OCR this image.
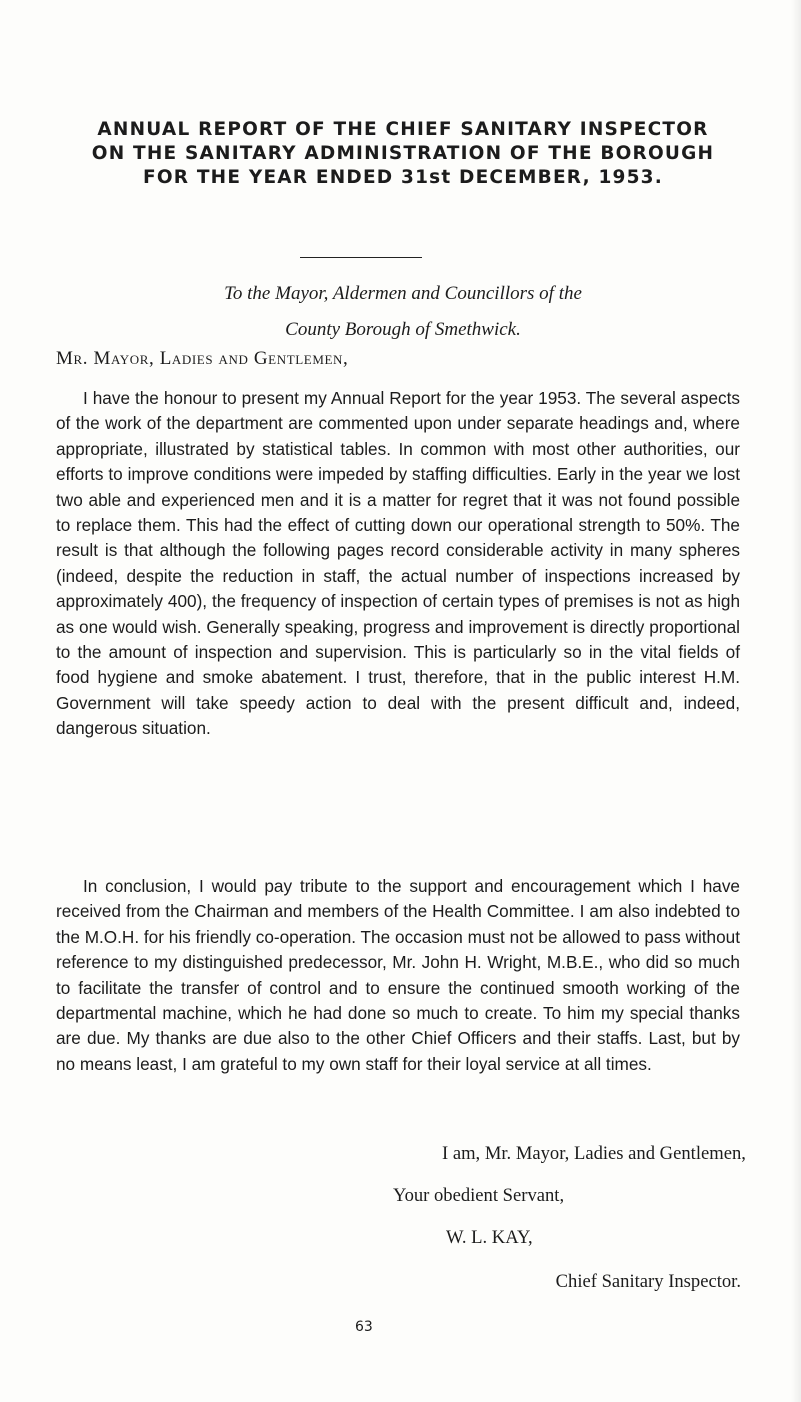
ANNUAL REPORT OF THE CHIEF SANITARY INSPECTOR
ON THE SANITARY ADMINISTRATION OF THE BOROUGH
FOR THE YEAR ENDED 31st DECEMBER, 1953.
To the Mayor, Aldermen and Councillors of the
County Borough of Smethwick.
Mr. Mayor, Ladies and Gentlemen,

I have the honour to present my Annual Report for the year 1953. The several aspects of the work of the department are commented upon under separate headings and, where appropriate, illustrated by statistical tables. In common with most other authorities, our efforts to improve conditions were impeded by staffing difficulties. Early in the year we lost two able and experienced men and it is a matter for regret that it was not found possible to replace them. This had the effect of cutting down our operational strength to 50%. The result is that although the following pages record considerable activity in many spheres (indeed, despite the reduction in staff, the actual number of inspections increased by approximately 400), the frequency of inspection of certain types of premises is not as high as one would wish. Generally speaking, progress and improvement is directly proportional to the amount of inspection and supervision. This is particularly so in the vital fields of food hygiene and smoke abatement. I trust, therefore, that in the public interest H.M. Government will take speedy action to deal with the present difficult and, indeed, dangerous situation.

In conclusion, I would pay tribute to the support and encouragement which I have received from the Chairman and members of the Health Committee. I am also indebted to the M.O.H. for his friendly co-operation. The occasion must not be allowed to pass without reference to my distinguished predecessor, Mr. John H. Wright, M.B.E., who did so much to facilitate the transfer of control and to ensure the continued smooth working of the departmental machine, which he had done so much to create. To him my special thanks are due. My thanks are due also to the other Chief Officers and their staffs. Last, but by no means least, I am grateful to my own staff for their loyal service at all times.

I am, Mr. Mayor, Ladies and Gentlemen,
Your obedient Servant,
W. L. KAY,
Chief Sanitary Inspector.
63
